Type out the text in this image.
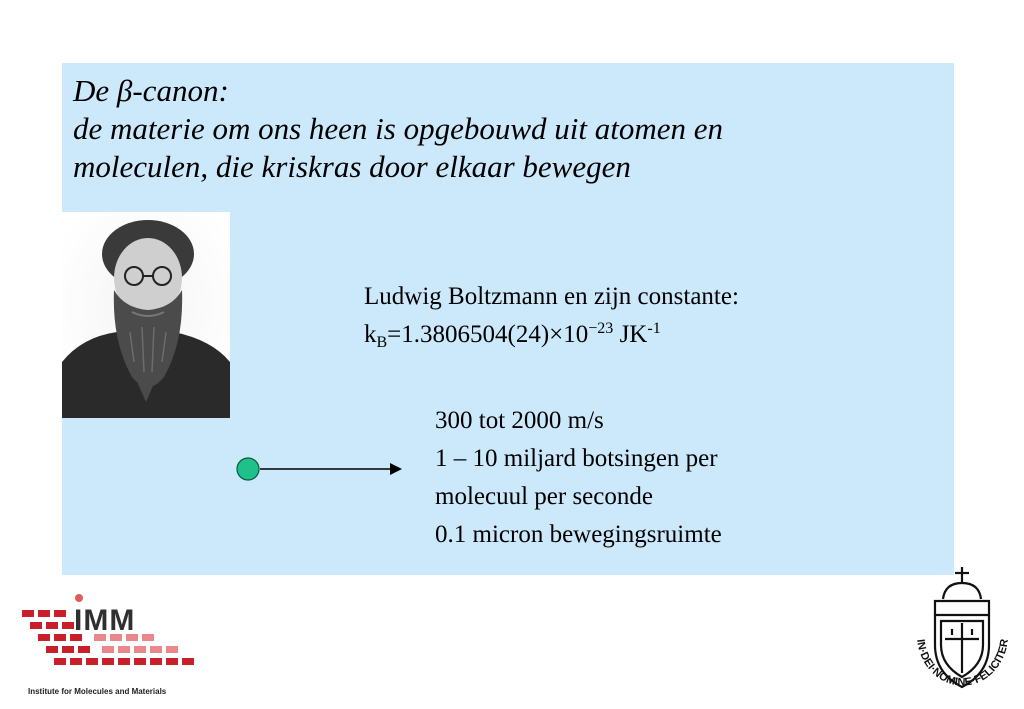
De β-canon:
de materie om ons heen is opgebouwd uit atomen en
moleculen, die kriskras door elkaar bewegen
Ludwig Boltzmann en zijn constante:
$k_B=1.3806504(24)\times 10^{-23}$ $JK^{-1}$
300 tot 2000 m/s
1 – 10 miljard botsingen per
molecuul per seconde
0.1 micron bewegingsruimte
IMM
Institute for Molecules and Materials
IN·DEI·NOMINE·FELICITER
